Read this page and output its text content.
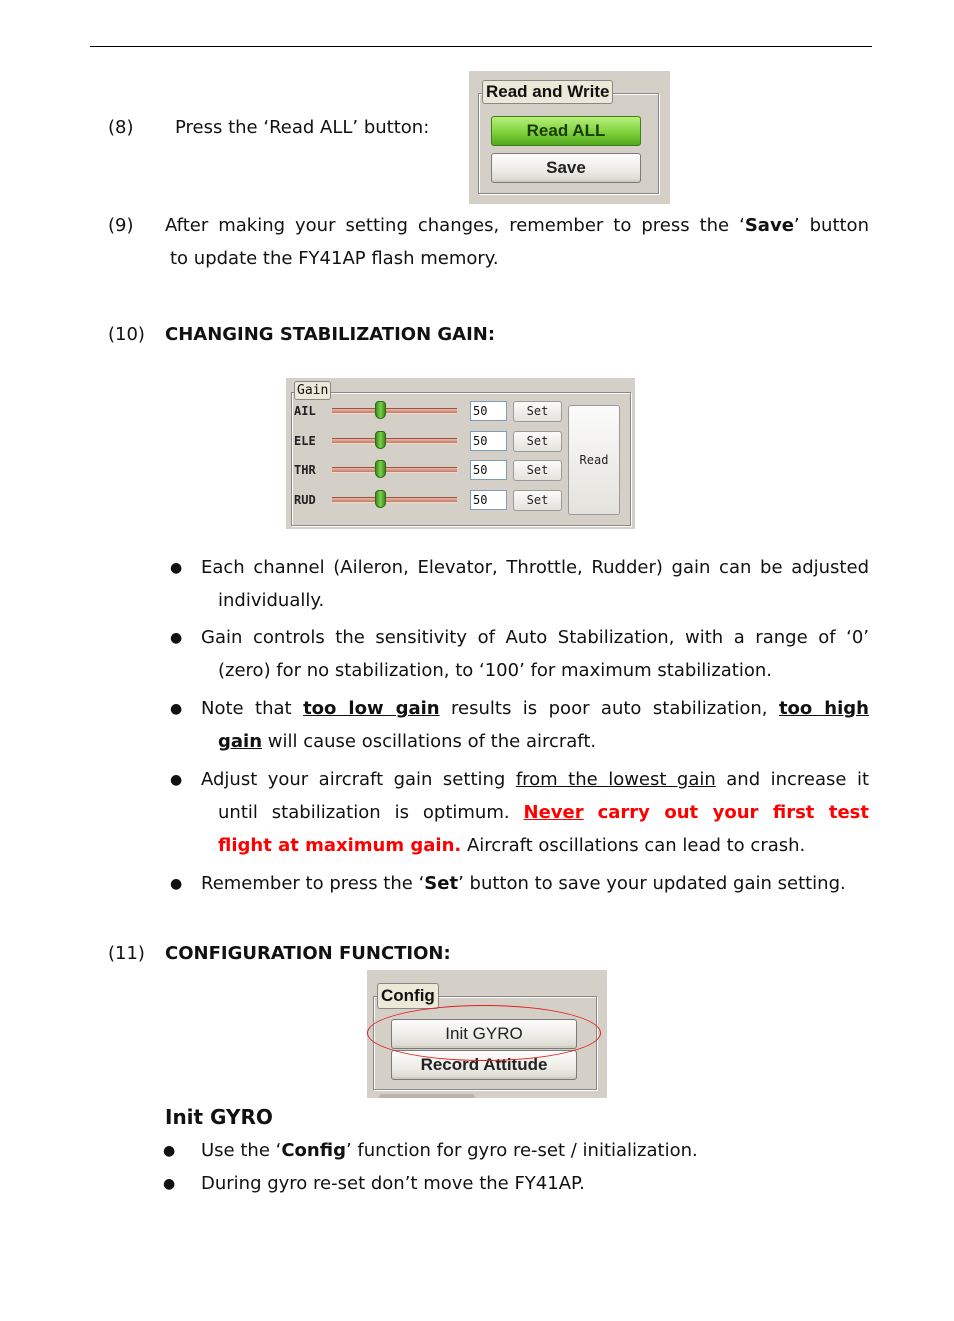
(8) Press the ‘Read ALL’ button:
Read and Write
Read ALL
Save
(9) After making your setting changes, remember to press the ‘Save’ button
to update the FY41AP flash memory.
(10) CHANGING STABILIZATION GAIN:
Gain
AIL	50	Set
ELE	50	Set
THR	50	Set
RUD	50	Set
Read
● Each channel (Aileron, Elevator, Throttle, Rudder) gain can be adjusted
individually.
● Gain controls the sensitivity of Auto Stabilization, with a range of ‘0’
(zero) for no stabilization, to ‘100’ for maximum stabilization.
● Note that too low gain results is poor auto stabilization, too high
gain will cause oscillations of the aircraft.
● Adjust your aircraft gain setting from the lowest gain and increase it
until stabilization is optimum. Never carry out your first test
flight at maximum gain. Aircraft oscillations can lead to crash.
● Remember to press the ‘Set’ button to save your updated gain setting.
(11) CONFIGURATION FUNCTION:
Config
Init GYRO
Record Attitude
Init GYRO
● Use the ‘Config’ function for gyro re-set / initialization.
● During gyro re-set don’t move the FY41AP.
